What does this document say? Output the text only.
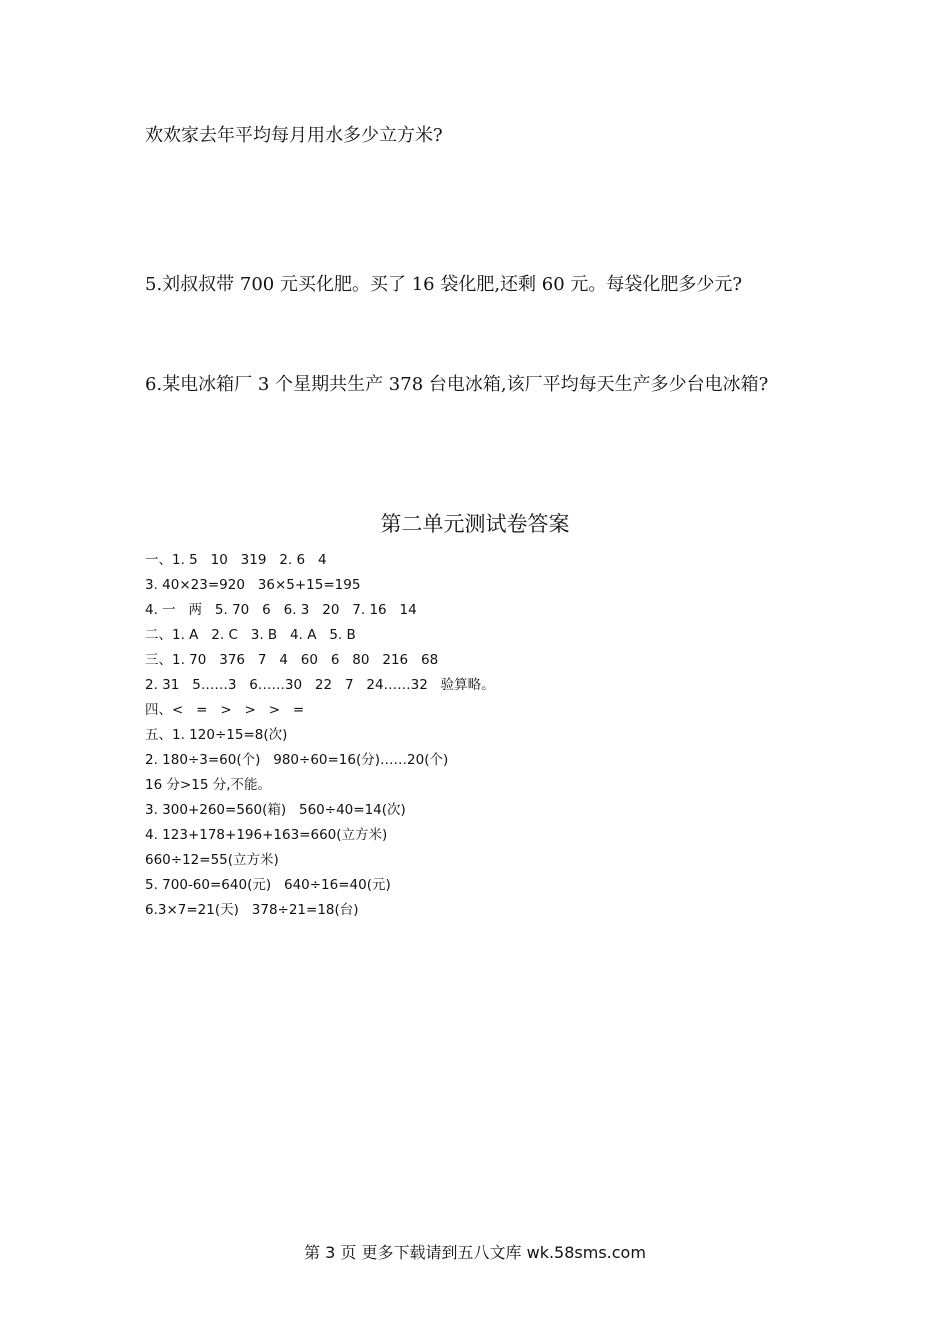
欢欢家去年平均每月用水多少立方米?
5.刘叔叔带 700 元买化肥。买了 16 袋化肥,还剩 60 元。每袋化肥多少元?
6.某电冰箱厂 3 个星期共生产 378 台电冰箱,该厂平均每天生产多少台电冰箱?
第二单元测试卷答案
一、1. 5   10   319   2. 6   4
3. 40×23=920   36×5+15=195
4. 一   两   5. 70   6   6. 3   20   7. 16   14
二、1. A   2. C   3. B   4. A   5. B
三、1. 70   376   7   4   60   6   80   216   68
2. 31   5……3   6……30   22   7   24……32   验算略。
四、<   =   >   >   >   =
五、1. 120÷15=8(次)
2. 180÷3=60(个)   980÷60=16(分)……20(个)
16 分>15 分,不能。
3. 300+260=560(箱)   560÷40=14(次)
4. 123+178+196+163=660(立方米)
660÷12=55(立方米)
5. 700-60=640(元)   640÷16=40(元)
6.3×7=21(天)   378÷21=18(台)
第 3 页 更多下载请到五八文库 wk.58sms.com
